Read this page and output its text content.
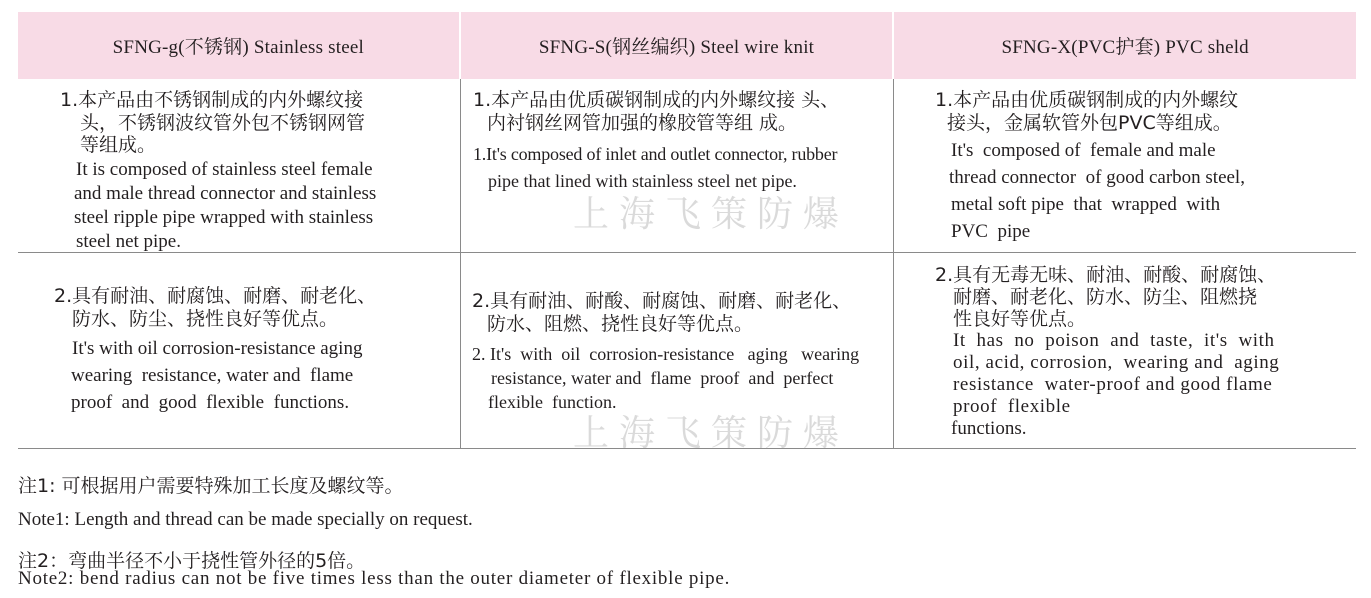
SFNG-g(不锈钢) Stainless steel	SFNG-S(钢丝编织) Steel wire knit	SFNG-X(PVC护套) PVC sheld
1.本产品由不锈钢制成的内外螺纹接
头，不锈钢波纹管外包不锈钢网管
等组成。
It is composed of stainless steel female
and male thread connector and stainless
steel ripple pipe wrapped with stainless
steel net pipe.
1.本产品由优质碳钢制成的内外螺纹接 头、
内衬钢丝网管加强的橡胶管等组 成。
1.It's composed of inlet and outlet connector, rubber
pipe that lined with stainless steel net pipe.
1.本产品由优质碳钢制成的内外螺纹
接头，金属软管外包PVC等组成。
It's  composed of  female and male
thread connector  of good carbon steel,
metal soft pipe  that  wrapped  with
PVC  pipe
2.具有耐油、耐腐蚀、耐磨、耐老化、
防水、防尘、挠性良好等优点。
It's with oil corrosion-resistance aging
wearing  resistance, water and  flame
proof  and  good  flexible  functions.
2.具有耐油、耐酸、耐腐蚀、耐磨、耐老化、
防水、阻燃、挠性良好等优点。
2. It's  with  oil  corrosion-resistance   aging   wearing
resistance, water and  flame  proof  and  perfect
flexible  function.
2.具有无毒无味、耐油、耐酸、耐腐蚀、
耐磨、耐老化、防水、防尘、阻燃挠
性良好等优点。
It  has  no  poison  and  taste,  it's  with
oil, acid, corrosion,  wearing and  aging
resistance  water-proof and good flame
proof  flexible
functions.
上海飞策防爆
上海飞策防爆
注1: 可根据用户需要特殊加工长度及螺纹等。
Note1: Length and thread can be made specially on request.
注2：弯曲半径不小于挠性管外径的5倍。
Note2: bend radius can not be five times less than the outer diameter of flexible pipe.
